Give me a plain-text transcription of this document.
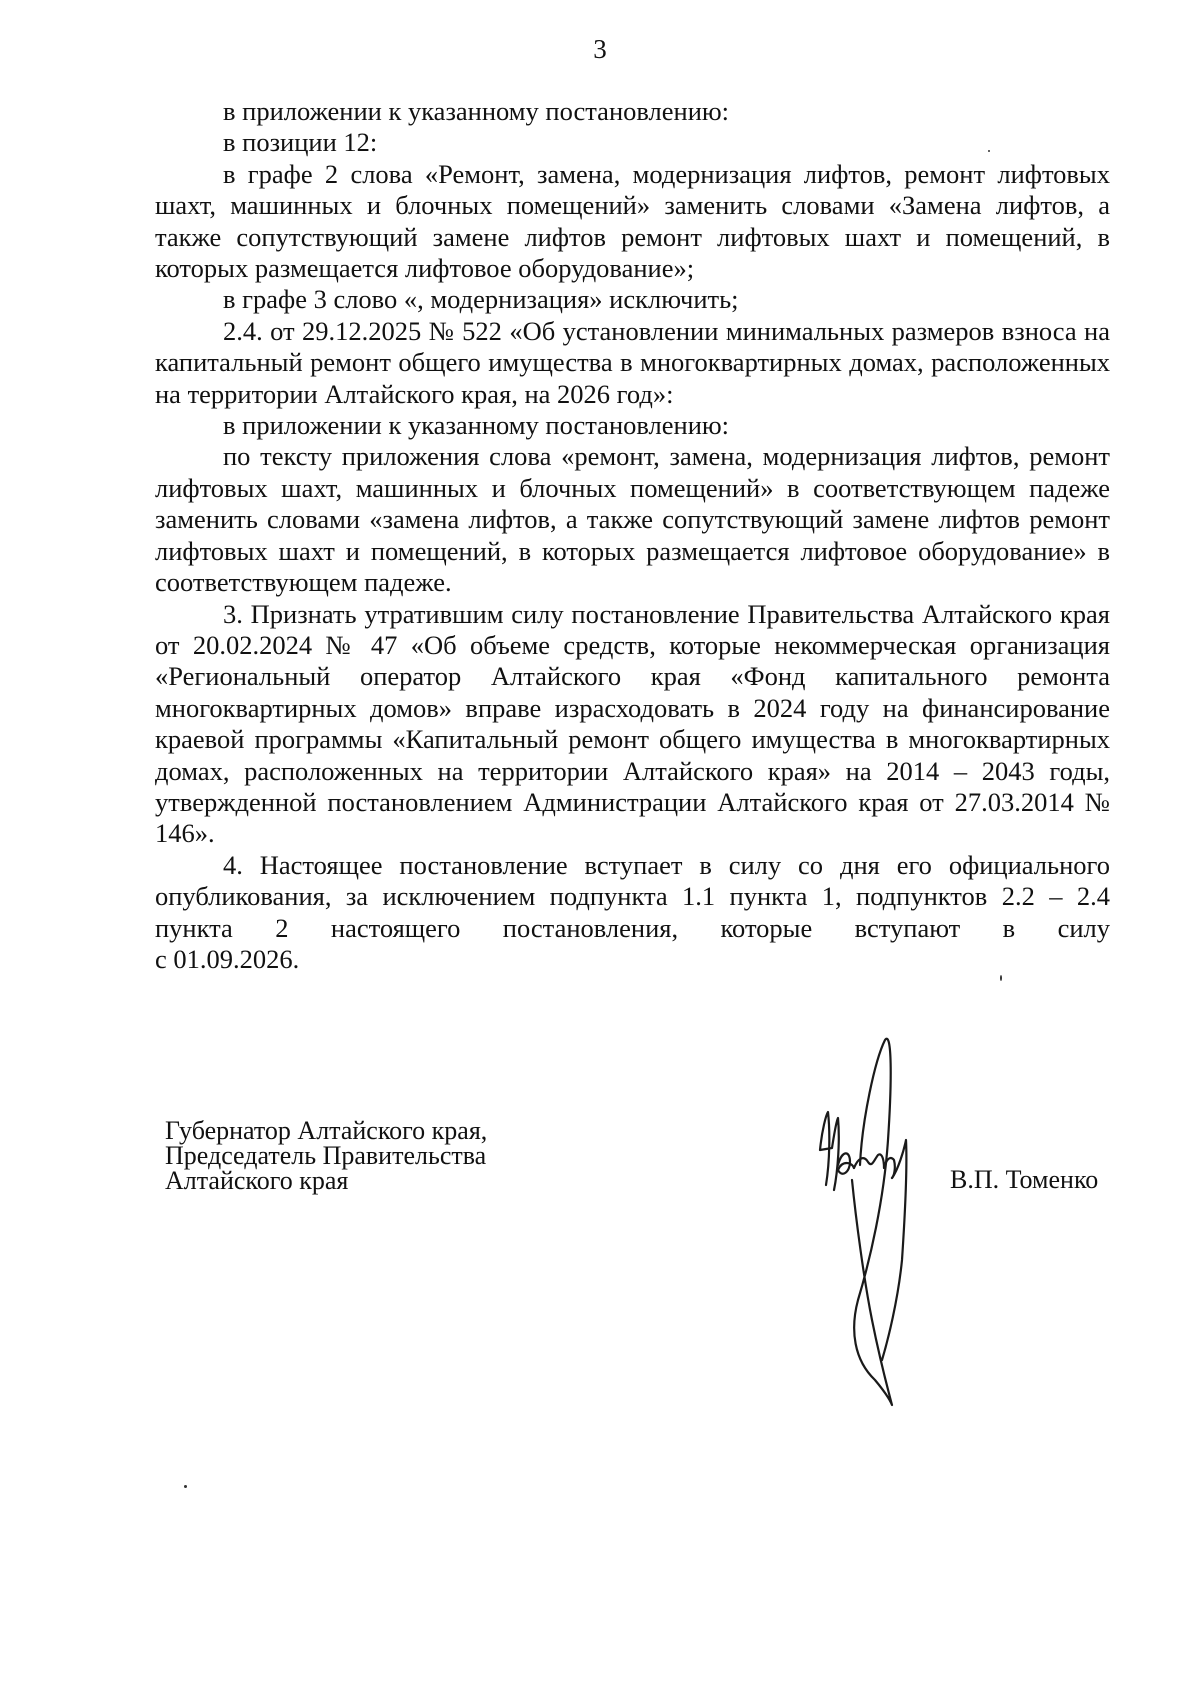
3

в приложении к указанному постановлению:

в позиции 12:

в графе 2 слова «Ремонт, замена, модернизация лифтов, ремонт лифтовых шахт, машинных и блочных помещений» заменить словами «Замена лифтов, а также сопутствующий замене лифтов ремонт лифтовых шахт и помещений, в которых размещается лифтовое оборудование»;

в графе 3 слово «, модернизация» исключить;

2.4. от 29.12.2025 № 522 «Об установлении минимальных размеров взноса на капитальный ремонт общего имущества в многоквартирных домах, расположенных на территории Алтайского края, на 2026 год»:

в приложении к указанному постановлению:

по тексту приложения слова «ремонт, замена, модернизация лифтов, ремонт лифтовых шахт, машинных и блочных помещений» в соответствующем падеже заменить словами «замена лифтов, а также сопутствующий замене лифтов ремонт лифтовых шахт и помещений, в которых размещается лифтовое оборудование» в соответствующем падеже.

3. Признать утратившим силу постановление Правительства Алтайского края от 20.02.2024 № 47 «Об объеме средств, которые некоммерческая организация «Региональный оператор Алтайского края «Фонд капитального ремонта многоквартирных домов» вправе израсходовать в 2024 году на финансирование краевой программы «Капитальный ремонт общего имущества в многоквартирных домах, расположенных на территории Алтайского края» на 2014 – 2043 годы, утвержденной постановлением Администрации Алтайского края от 27.03.2014 № 146».

4. Настоящее постановление вступает в силу со дня его официального опубликования, за исключением подпункта 1.1 пункта 1, подпунктов 2.2 – 2.4 пункта 2 настоящего постановления, которые вступают в силу

с 01.09.2026.

Губернатор Алтайского края,
Председатель Правительства
Алтайского края	В.П. Томенко
